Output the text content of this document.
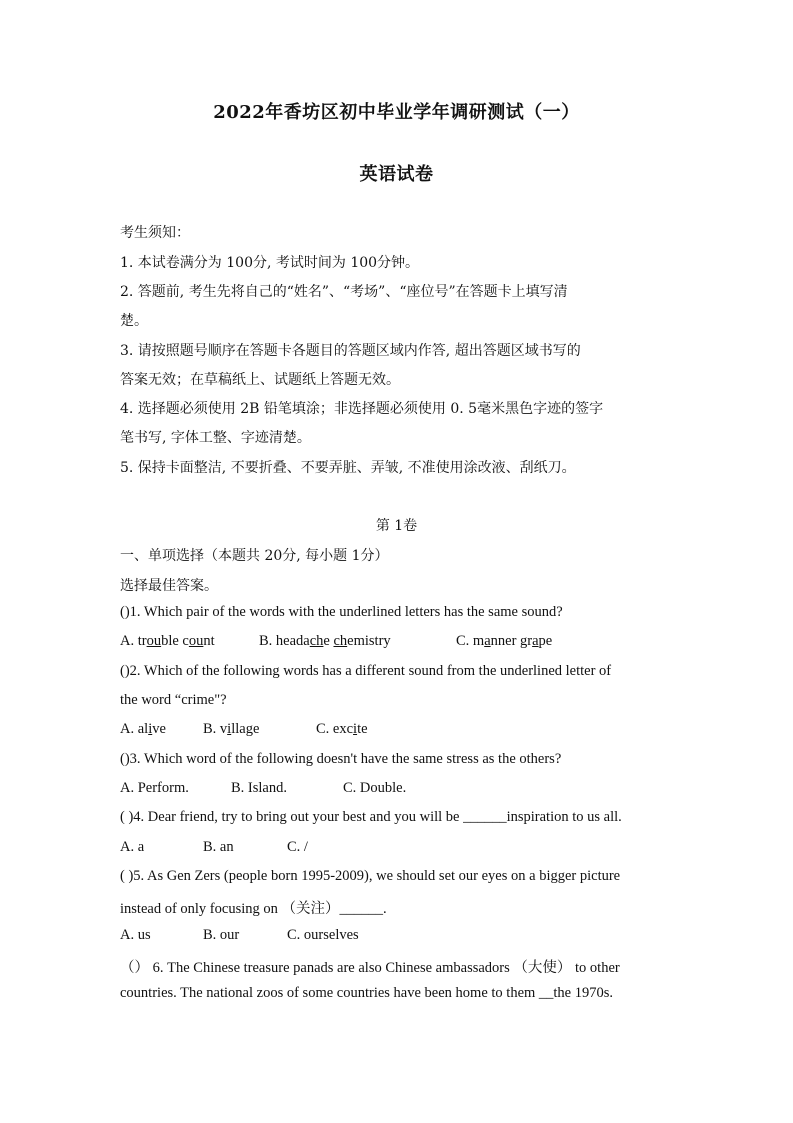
2022年香坊区初中毕业学年调研测试（一）
英语试卷
考生须知：
1. 本试卷满分为 100分, 考试时间为 100分钟。
2. 答题前, 考生先将自己的“姓名”、“考场”、“座位号”在答题卡上填写清
楚。
3. 请按照题号顺序在答题卡各题目的答题区域内作答, 超出答题区域书写的
答案无效；在草稿纸上、试题纸上答题无效。
4. 选择题必须使用 2B 铅笔填涂；非选择题必须使用 0. 5毫米黑色字迹的签字
笔书写, 字体工整、字迹清楚。
5. 保持卡面整洁, 不要折叠、不要弄脏、弄皱, 不准使用涂改液、刮纸刀。
第 1卷
一、单项选择（本题共 20分, 每小题 1分）
选择最佳答案。
()1. Which pair of the words with the underlined letters has the same sound?
A. trouble count	B. headache chemistry	C. manner grape
()2. Which of the following words has a different sound from the underlined letter of
the word “crime"?
A. alive	B. village	C. excite
()3. Which word of the following doesn't have the same stress as the others?
A. Perform.	B. Island.	C. Double.
( )4. Dear friend, try to bring out your best and you will be ______inspiration to us all.
A. a	B. an	C. /
( )5. As Gen Zers (people born 1995-2009), we should set our eyes on a bigger picture
instead of only focusing on （关注）______.
A. us	B. our	C. ourselves
（） 6. The Chinese treasure panads are also Chinese ambassadors （大使） to other
countries. The national zoos of some countries have been home to them __the 1970s.
